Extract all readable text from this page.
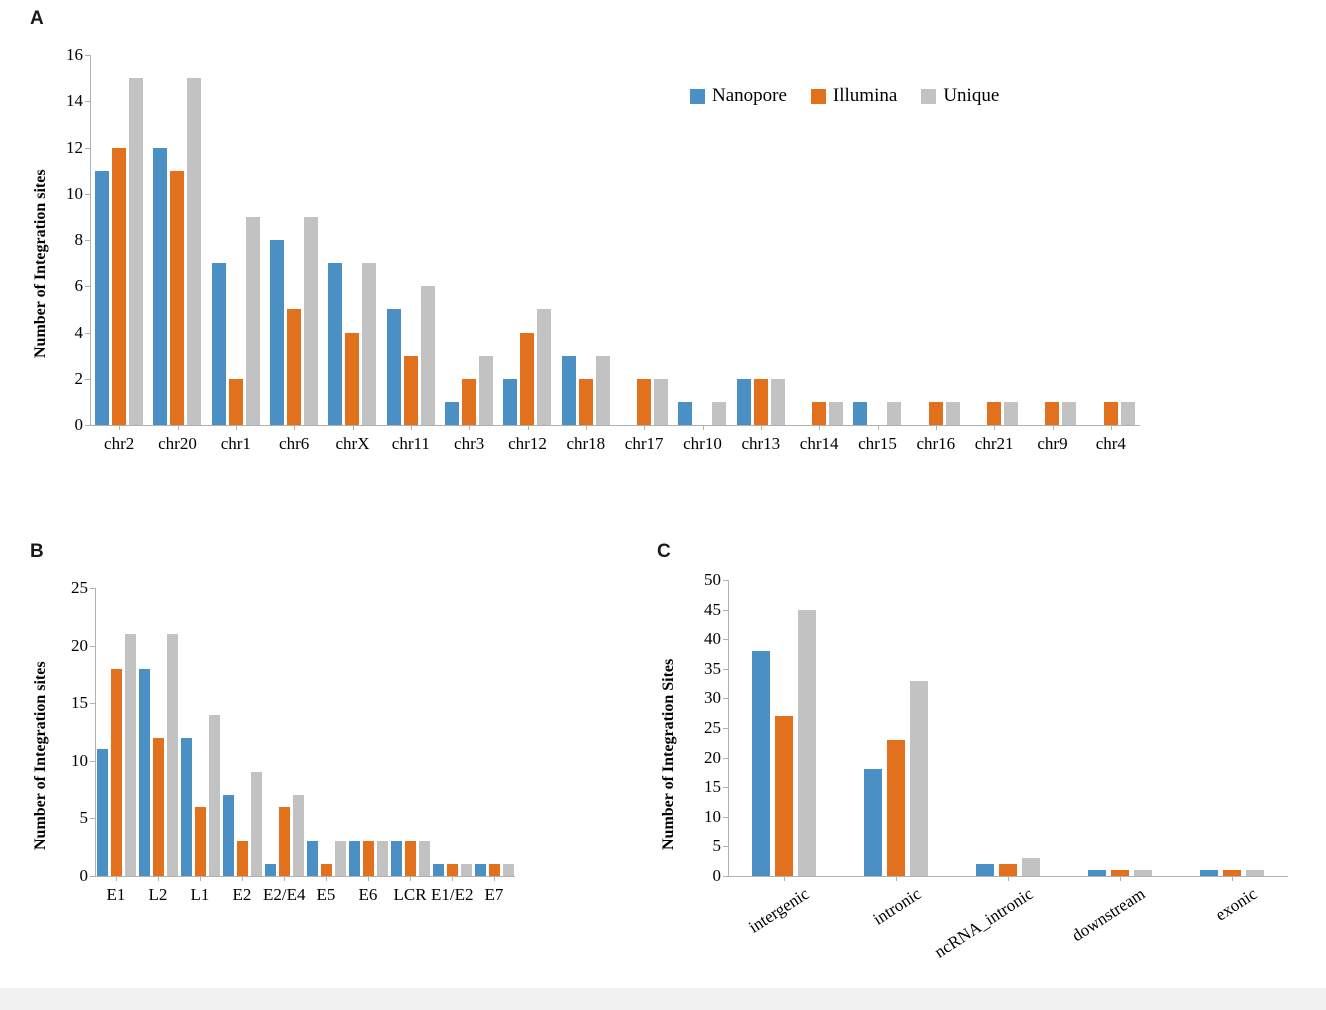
A
Number of Integration sites
0
2
4
6
8
10
12
14
16
chr2	chr20	chr1	chr6	chrX	chr11	chr3	chr12	chr18	chr17	chr10	chr13	chr14	chr15	chr16	chr21	chr9	chr4
Nanopore Illumina Unique
B
Number of Integration sites
0
5
10
15
20
25
E1	L2	L1	E2 E2/E4 E5	E6 LCR E1/E2 E7
C
Number of Integration Sites
0
5
10
15
20
25
30
35
40
45
50
intergenic	intronic ncRNA_intronic	downstream	exonic
